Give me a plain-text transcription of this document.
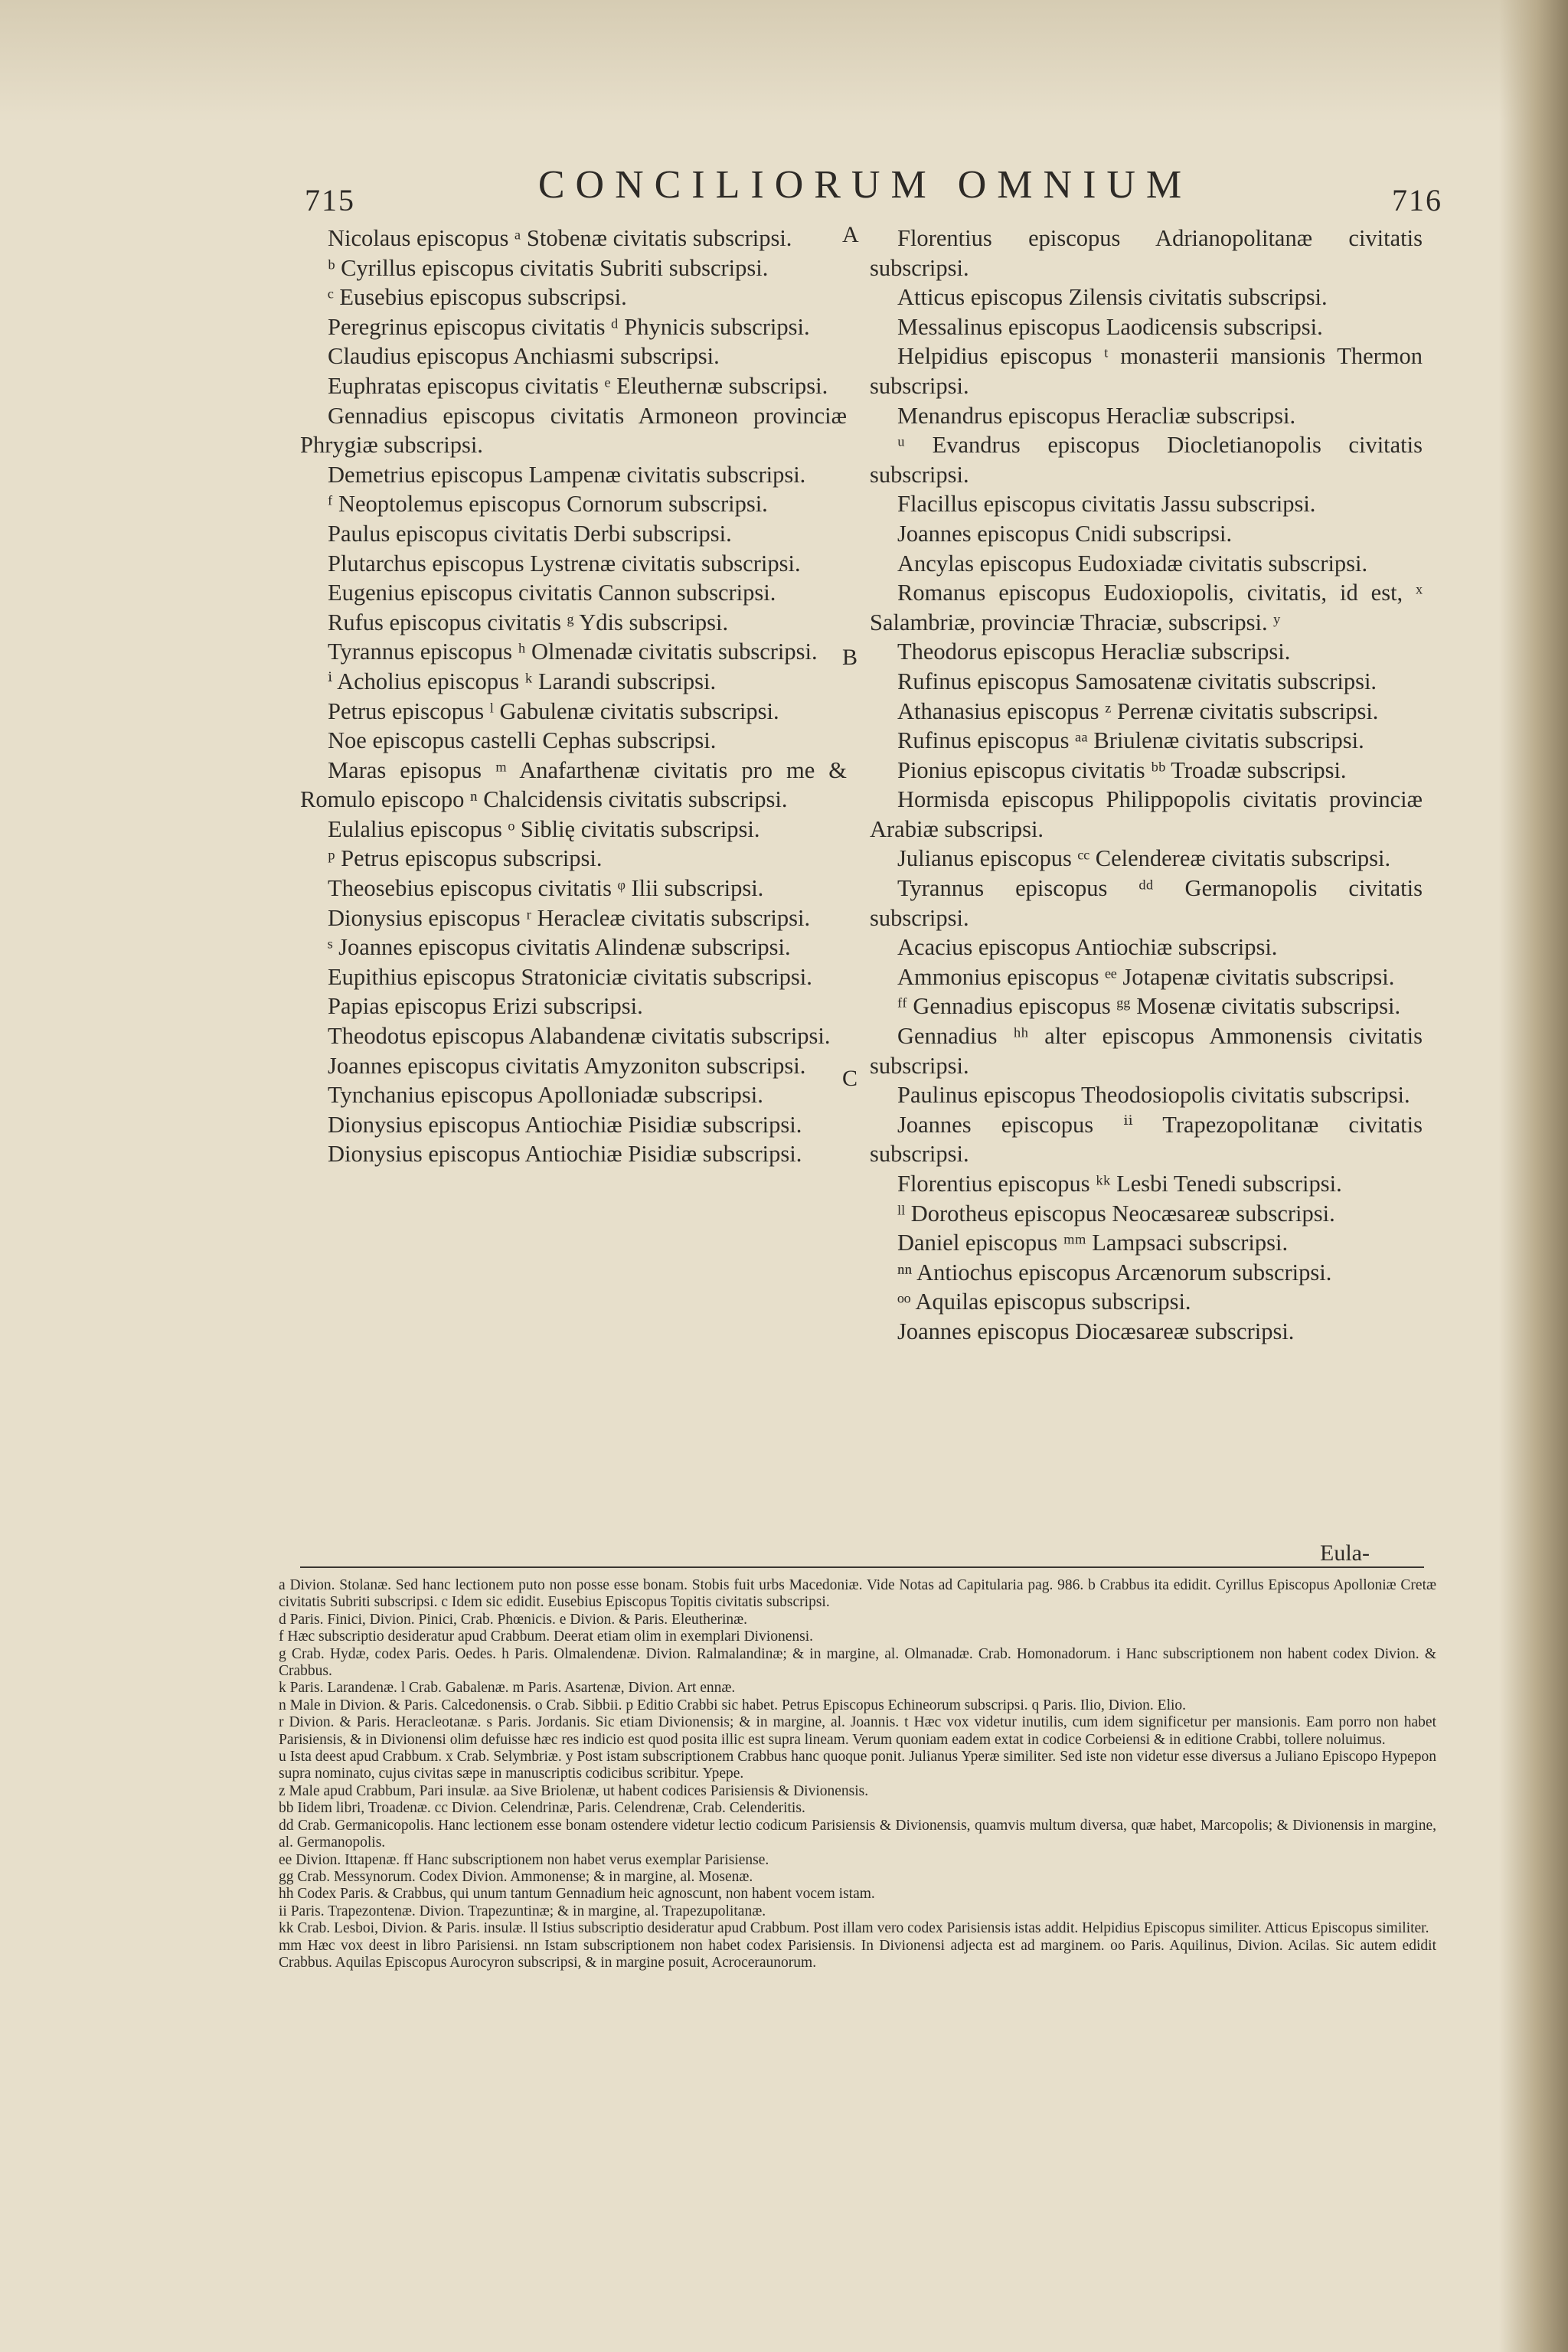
715	CONCILIORUM OMNIUM	716

Nicolaus episcopus ᵃ Stobenæ civitatis subscripsi.

ᵇ Cyrillus episcopus civitatis Subriti subscripsi.

ᶜ Eusebius episcopus subscripsi.

Peregrinus episcopus civitatis ᵈ Phynicis subscripsi.

Claudius episcopus Anchiasmi subscripsi.

Euphratas episcopus civitatis ᵉ Eleuthernæ subscripsi.

Gennadius episcopus civitatis Armoneon provinciæ Phrygiæ subscripsi.

Demetrius episcopus Lampenæ civitatis subscripsi.

ᶠ Neoptolemus episcopus Cornorum subscripsi.

Paulus episcopus civitatis Derbi subscripsi.

Plutarchus episcopus Lystrenæ civitatis subscripsi.

Eugenius episcopus civitatis Cannon subscripsi.

Rufus episcopus civitatis ᵍ Ydis subscripsi.

Tyrannus episcopus ʰ Olmenadæ civitatis subscripsi.

ⁱ Acholius episcopus ᵏ Larandi subscripsi.

Petrus episcopus ˡ Gabulenæ civitatis subscripsi.

Noe episcopus castelli Cephas subscripsi.

Maras episopus ᵐ Anafarthenæ civitatis pro me & Romulo episcopo ⁿ Chalcidensis civitatis subscripsi.

Eulalius episcopus ᵒ Siblię civitatis subscripsi.

ᵖ Petrus episcopus subscripsi.

Theosebius episcopus civitatis ᵠ Ilii subscripsi.

Dionysius episcopus ʳ Heracleæ civitatis subscripsi.

ˢ Joannes episcopus civitatis Alindenæ subscripsi.

Eupithius episcopus Stratoniciæ civitatis subscripsi.

Papias episcopus Erizi subscripsi.

Theodotus episcopus Alabandenæ civitatis subscripsi.

Joannes episcopus civitatis Amyzoniton subscripsi.

Tynchanius episcopus Apolloniadæ subscripsi.

Dionysius episcopus Antiochiæ Pisidiæ subscripsi.

Dionysius episcopus Antiochiæ Pisidiæ subscripsi.

Florentius episcopus Adrianopolitanæ civitatis subscripsi.

Atticus episcopus Zilensis civitatis subscripsi.

Messalinus episcopus Laodicensis subscripsi.

Helpidius episcopus ᵗ monasterii mansionis Thermon subscripsi.

Menandrus episcopus Heracliæ subscripsi.

ᵘ Evandrus episcopus Diocletianopolis civitatis subscripsi.

Flacillus episcopus civitatis Jassu subscripsi.

Joannes episcopus Cnidi subscripsi.

Ancylas episcopus Eudoxiadæ civitatis subscripsi.

Romanus episcopus Eudoxiopolis, civitatis, id est, ˣ Salambriæ, provinciæ Thraciæ, subscripsi. ʸ

Theodorus episcopus Heracliæ subscripsi.

Rufinus episcopus Samosatenæ civitatis subscripsi.

Athanasius episcopus ᶻ Perrenæ civitatis subscripsi.

Rufinus episcopus ᵃᵃ Briulenæ civitatis subscripsi.

Pionius episcopus civitatis ᵇᵇ Troadæ subscripsi.

Hormisda episcopus Philippopolis civitatis provinciæ Arabiæ subscripsi.

Julianus episcopus ᶜᶜ Celendereæ civitatis subscripsi.

Tyrannus episcopus ᵈᵈ Germanopolis civitatis subscripsi.

Acacius episcopus Antiochiæ subscripsi.

Ammonius episcopus ᵉᵉ Jotapenæ civitatis subscripsi.

ᶠᶠ Gennadius episcopus ᵍᵍ Mosenæ civitatis subscripsi.

Gennadius ʰʰ alter episcopus Ammonensis civitatis subscripsi.

Paulinus episcopus Theodosiopolis civitatis subscripsi.

Joannes episcopus ⁱⁱ Trapezopolitanæ civitatis subscripsi.

Florentius episcopus ᵏᵏ Lesbi Tenedi subscripsi.

ˡˡ Dorotheus episcopus Neocæsareæ subscripsi.

Daniel episcopus ᵐᵐ Lampsaci subscripsi.

ⁿⁿ Antiochus episcopus Arcænorum subscripsi.

ᵒᵒ Aquilas episcopus subscripsi.

Joannes episcopus Diocæsareæ subscripsi.

A
B
C
Eula-

a Divion. Stolanæ. Sed hanc lectionem puto non posse esse bonam. Stobis fuit urbs Macedoniæ. Vide Notas ad Capitularia pag. 986. b Crabbus ita edidit. Cyrillus Episcopus Apolloniæ Cretæ civitatis Subriti subscripsi. c Idem sic edidit. Eusebius Episcopus Topitis civitatis subscripsi.

d Paris. Finici, Divion. Pinici, Crab. Phœnicis. e Divion. & Paris. Eleutherinæ.

f Hæc subscriptio desideratur apud Crabbum. Deerat etiam olim in exemplari Divionensi.

g Crab. Hydæ, codex Paris. Oedes. h Paris. Olmalendenæ. Divion. Ralmalandinæ; & in margine, al. Olmanadæ. Crab. Homonadorum. i Hanc subscriptionem non habent codex Divion. & Crabbus.

k Paris. Larandenæ. l Crab. Gabalenæ. m Paris. Asartenæ, Divion. Art ennæ.

n Male in Divion. & Paris. Calcedonensis. o Crab. Sibbii. p Editio Crabbi sic habet. Petrus Episcopus Echineorum subscripsi. q Paris. Ilio, Divion. Elio.

r Divion. & Paris. Heracleotanæ. s Paris. Jordanis. Sic etiam Divionensis; & in margine, al. Joannis. t Hæc vox videtur inutilis, cum idem significetur per mansionis. Eam porro non habet Parisiensis, & in Divionensi olim defuisse hæc res indicio est quod posita illic est supra lineam. Verum quoniam eadem extat in codice Corbeiensi & in editione Crabbi, tollere noluimus.

u Ista deest apud Crabbum. x Crab. Selymbriæ. y Post istam subscriptionem Crabbus hanc quoque ponit. Julianus Yperæ similiter. Sed iste non videtur esse diversus a Juliano Episcopo Hypepon supra nominato, cujus civitas sæpe in manuscriptis codicibus scribitur. Ypepe.

z Male apud Crabbum, Pari insulæ. aa Sive Briolenæ, ut habent codices Parisiensis & Divionensis.

bb Iidem libri, Troadenæ. cc Divion. Celendrinæ, Paris. Celendrenæ, Crab. Celenderitis.

dd Crab. Germanicopolis. Hanc lectionem esse bonam ostendere videtur lectio codicum Parisiensis & Divionensis, quamvis multum diversa, quæ habet, Marcopolis; & Divionensis in margine, al. Germanopolis.

ee Divion. Ittapenæ. ff Hanc subscriptionem non habet verus exemplar Parisiense.

gg Crab. Messynorum. Codex Divion. Ammonense; & in margine, al. Mosenæ.

hh Codex Paris. & Crabbus, qui unum tantum Gennadium heic agnoscunt, non habent vocem istam.

ii Paris. Trapezontenæ. Divion. Trapezuntinæ; & in margine, al. Trapezupolitanæ.

kk Crab. Lesboi, Divion. & Paris. insulæ. ll Istius subscriptio desideratur apud Crabbum. Post illam vero codex Parisiensis istas addit. Helpidius Episcopus similiter. Atticus Episcopus similiter.

mm Hæc vox deest in libro Parisiensi. nn Istam subscriptionem non habet codex Parisiensis. In Divionensi adjecta est ad marginem. oo Paris. Aquilinus, Divion. Acilas. Sic autem edidit Crabbus. Aquilas Episcopus Aurocyron subscripsi, & in margine posuit, Acroceraunorum.
